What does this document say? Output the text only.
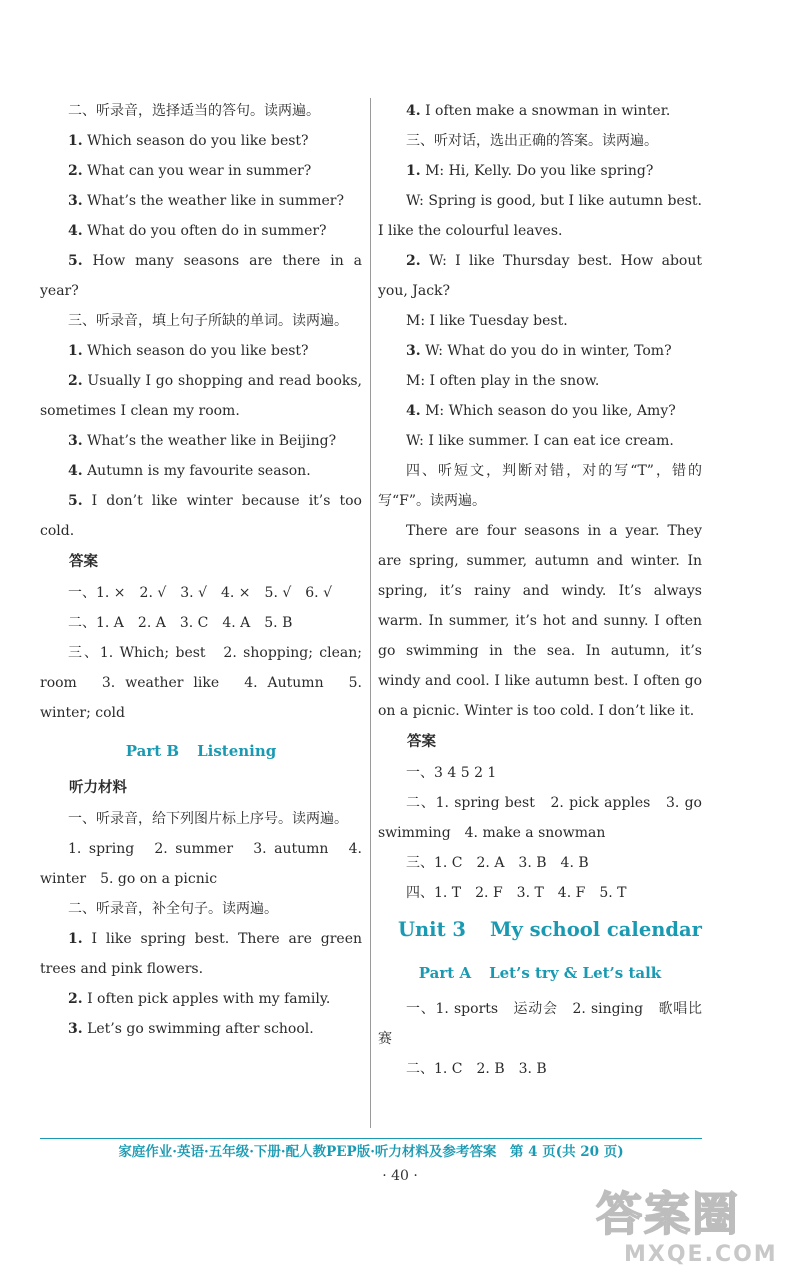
二、听录音，选择适当的答句。读两遍。

1. Which season do you like best?

2. What can you wear in summer?

3. What’s the weather like in summer?

4. What do you often do in summer?

5. How many seasons are there in a year?

三、听录音，填上句子所缺的单词。读两遍。

1. Which season do you like best?

2. Usually I go shopping and read books, sometimes I clean my room.

3. What’s the weather like in Beijing?

4. Autumn is my favourite season.

5. I don’t like winter because it’s too cold.

答案

一、1. ×　2. √　3. √　4. ×　5. √　6. √

二、1. A　2. A　3. C　4. A　5. B

三、1. Which; best　2. shopping; clean; room　3. weather like　4. Autumn　5. winter; cold

Part B Listening

听力材料

一、听录音，给下列图片标上序号。读两遍。

1. spring　2. summer　3. autumn　4. winter　5. go on a picnic

二、听录音，补全句子。读两遍。

1. I like spring best. There are green trees and pink flowers.

2. I often pick apples with my family.

3. Let’s go swimming after school.

4. I often make a snowman in winter.

三、听对话，选出正确的答案。读两遍。

1. M: Hi, Kelly. Do you like spring?

W: Spring is good, but I like autumn best. I like the colourful leaves.

2. W: I like Thursday best. How about you, Jack?

M: I like Tuesday best.

3. W: What do you do in winter, Tom?

M: I often play in the snow.

4. M: Which season do you like, Amy?

W: I like summer. I can eat ice cream.

四、听短文，判断对错，对的写“T”，错的写“F”。读两遍。

There are four seasons in a year. They are spring, summer, autumn and winter. In spring, it’s rainy and windy. It’s always warm. In summer, it’s hot and sunny. I often go swimming in the sea. In autumn, it’s windy and cool. I like autumn best. I often go on a picnic. Winter is too cold. I don’t like it.

答案

一、3 4 5 2 1

二、1. spring best　2. pick apples　3. go swimming　4. make a snowman

三、1. C　2. A　3. B　4. B

四、1. T　2. F　3. T　4. F　5. T

Unit 3 My school calendar
Part A Let’s try & Let’s talk

一、1. sports　运动会　2. singing　歌唱比赛

二、1. C　2. B　3. B

家庭作业·英语·五年级·下册·配人教PEP版·听力材料及参考答案　第 4 页(共 20 页)
· 40 ·
答案圈
MXQE.COM
